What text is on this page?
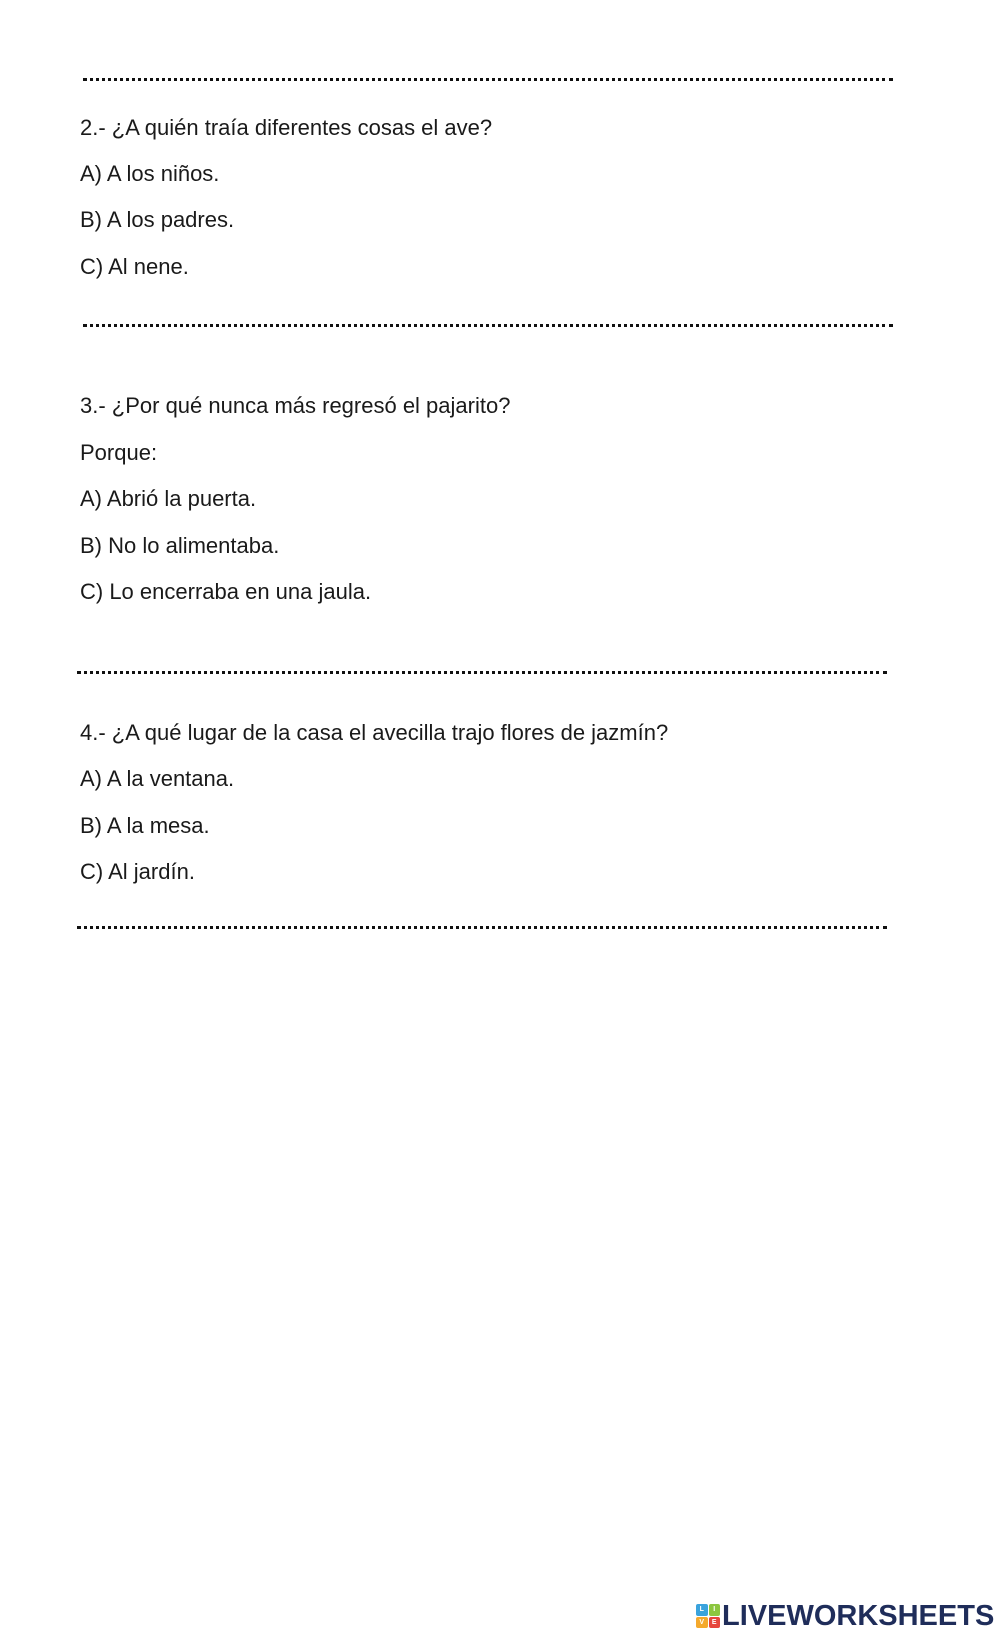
2.- ¿A quién traía diferentes cosas el ave?
A) A los niños.
B) A los padres.
C) Al nene.
3.- ¿Por qué nunca más regresó el pajarito?
Porque:
A) Abrió la puerta.
B) No lo alimentaba.
C) Lo encerraba en una jaula.
4.- ¿A qué lugar de la casa el avecilla trajo flores de jazmín?
A) A la ventana.
B) A la mesa.
C) Al jardín.
L	I
V	E LIVEWORKSHEETS
